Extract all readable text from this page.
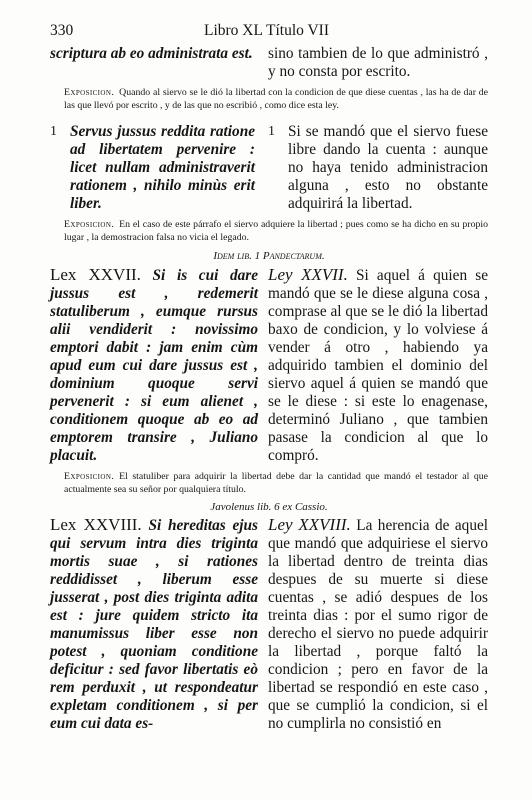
330	Libro XL Título VII

scriptura ab eo administrata est. sino tambien de lo que administró , y no consta por escrito.

Exposicion. Quando al siervo se le dió la libertad con la condicion de que diese cuentas , las ha de dar de las que llevó por escrito , y de las que no escribió , como dice esta ley.

1 Servus jussus reddita ratione ad libertatem pervenire : licet nullam administraverit rationem , nihilo minùs erit liber.

1 Si se mandó que el siervo fuese libre dando la cuenta : aunque no haya tenido administracion alguna , esto no obstante adquirirá la libertad.

Exposicion. En el caso de este párrafo el siervo adquiere la libertad ; pues como se ha dicho en su propio lugar , la demostracion falsa no vicia el legado.

Idem lib. 1 Pandectarum.

Lex XXVII. Si is cui dare jussus est , redemerit statuliberum , eumque rursus alii vendiderit : novissimo emptori dabit : jam enim cùm apud eum cui dare jussus est , dominium quoque servi pervenerit : si eum alienet , conditionem quoque ab eo ad emptorem transire , Juliano placuit.

Ley XXVII. Si aquel á quien se mandó que se le diese alguna cosa , comprase al que se le dió la libertad baxo de condicion, y lo volviese á vender á otro , habiendo ya adquirido tambien el dominio del siervo aquel á quien se mandó que se le diese : si este lo enagenase, determinó Juliano , que tambien pasase la condicion al que lo compró.

Exposicion. El statuliber para adquirir la libertad debe dar la cantidad que mandó el testador al que actualmente sea su señor por qualquiera título.

Javolenus lib. 6 ex Cassio.

Lex XXVIII. Si hereditas ejus qui servum intra dies triginta mortis suae , si rationes reddidisset , liberum esse jusserat , post dies triginta adita est : jure quidem stricto ita manumissus liber esse non potest , quoniam conditione deficitur : sed favor libertatis eò rem perduxit , ut respondeatur expletam conditionem , si per eum cui data es-

Ley XXVIII. La herencia de aquel que mandó que adquiriese el siervo la libertad dentro de treinta dias despues de su muerte si diese cuentas , se adió despues de los treinta dias : por el sumo rigor de derecho el siervo no puede adquirir la libertad , porque faltó la condicion ; pero en favor de la libertad se respondió en este caso , que se cumplió la condicion, si el no cumplirla no consistió en
